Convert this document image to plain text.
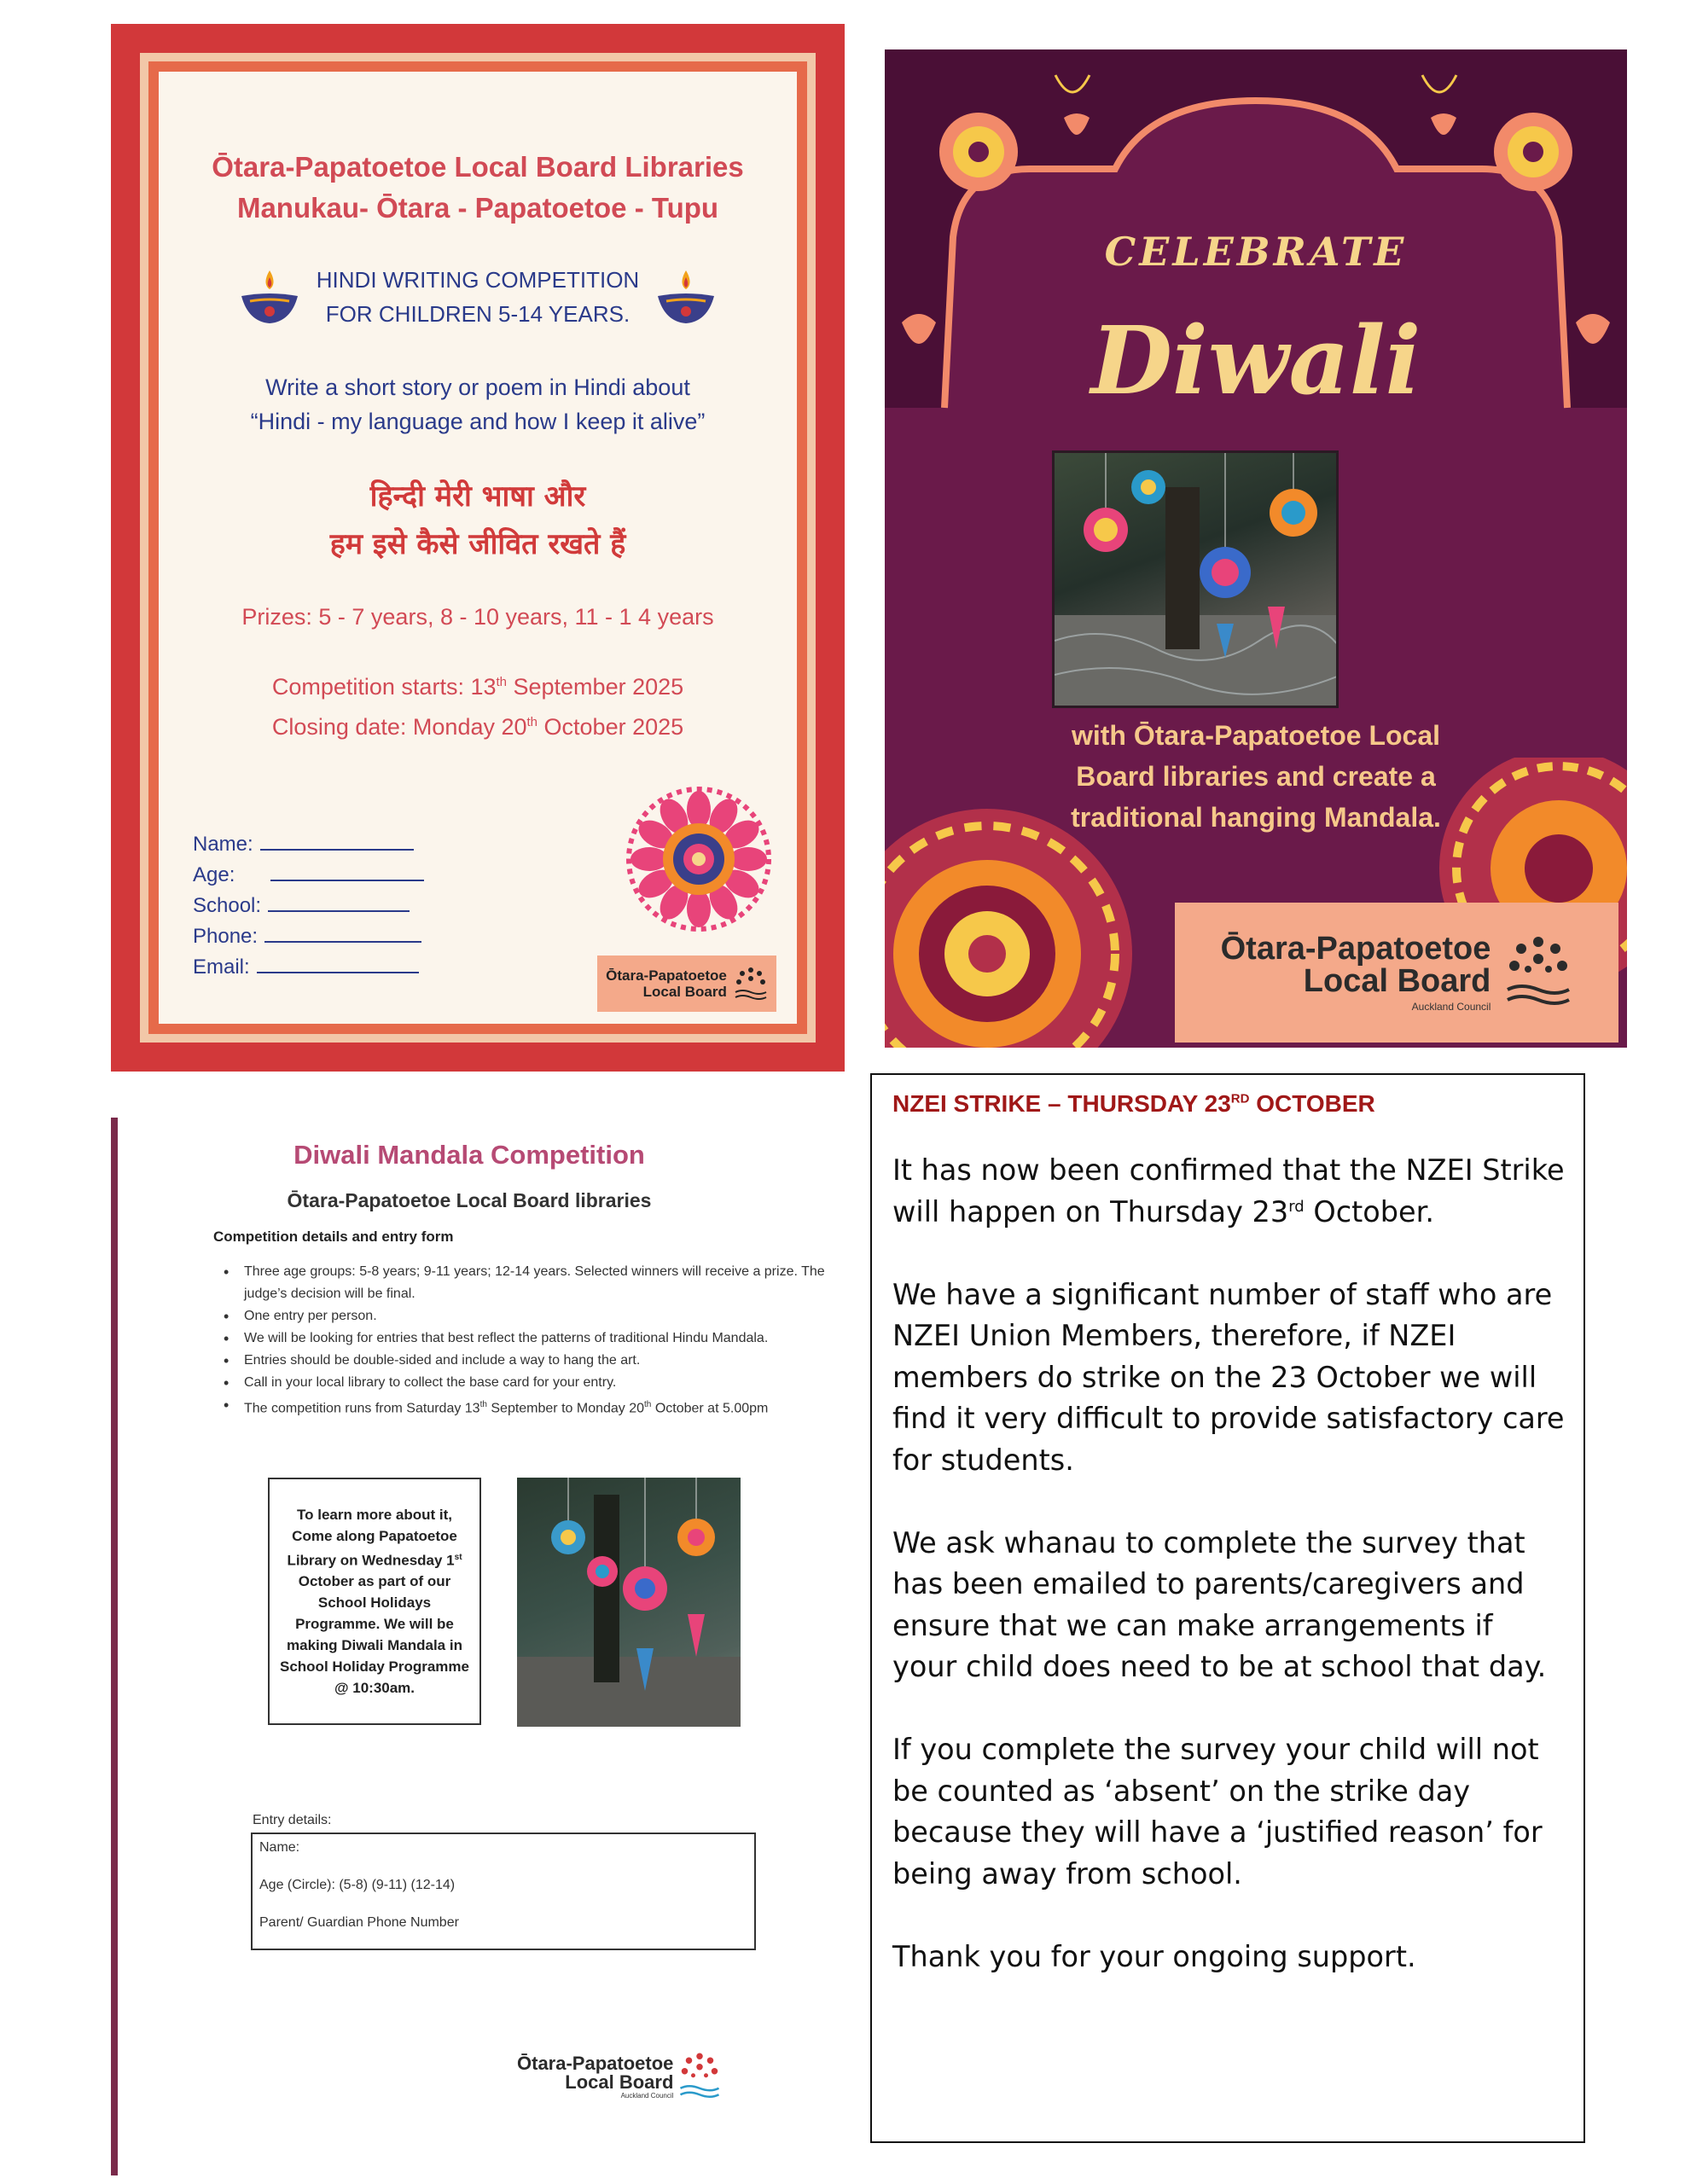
Ōtara-Papatoetoe Local Board Libraries
Manukau- Ōtara - Papatoetoe - Tupu
HINDI WRITING COMPETITION
FOR CHILDREN 5-14 YEARS.
Write a short story or poem in Hindi about
“Hindi - my language and how I keep it alive”
हिन्दी मेरी भाषा और
हम इसे कैसे जीवित रखते हैं
Prizes: 5 - 7 years, 8 - 10 years, 11 - 1 4 years
Competition starts: 13th September 2025
Closing date: Monday 20th October 2025
Name:
Age:
School:
Phone:
Email:	Ōtara-Papatoetoe
Local Board
CELEBRATE
Diwali
with Ōtara-Papatoetoe Local
Board libraries and create a
traditional hanging Mandala.
Ōtara-Papatoetoe
Local Board
Auckland Council
Diwali Mandala Competition
Ōtara-Papatoetoe Local Board libraries
Competition details and entry form
• Three age groups: 5-8 years; 9-11 years; 12-14 years. Selected winners will receive a prize. The judge’s decision will be final.
• One entry per person.
• We will be looking for entries that best reflect the patterns of traditional Hindu Mandala.
• Entries should be double-sided and include a way to hang the art.
• Call in your local library to collect the base card for your entry.
• The competition runs from Saturday 13th September to Monday 20th October at 5.00pm
To learn more about it, Come along Papatoetoe Library on Wednesday 1st October as part of our School Holidays Programme. We will be making Diwali Mandala in School Holiday Programme @ 10:30am.
Entry details:
Name:
Age (Circle): (5-8) (9-11) (12-14)
Parent/ Guardian Phone Number
Ōtara-Papatoetoe
Local Board
Auckland Council
NZEI STRIKE – THURSDAY 23RD OCTOBER

It has now been confirmed that the NZEI Strike will happen on Thursday 23rd October.

We have a significant number of staff who are NZEI Union Members, therefore, if NZEI members do strike on the 23 October we will find it very difficult to provide satisfactory care for students.

We ask whanau to complete the survey that has been emailed to parents/caregivers and ensure that we can make arrangements if your child does need to be at school that day.

If you complete the survey your child will not be counted as ‘absent’ on the strike day because they will have a ‘justified reason’ for being away from school.

Thank you for your ongoing support.
